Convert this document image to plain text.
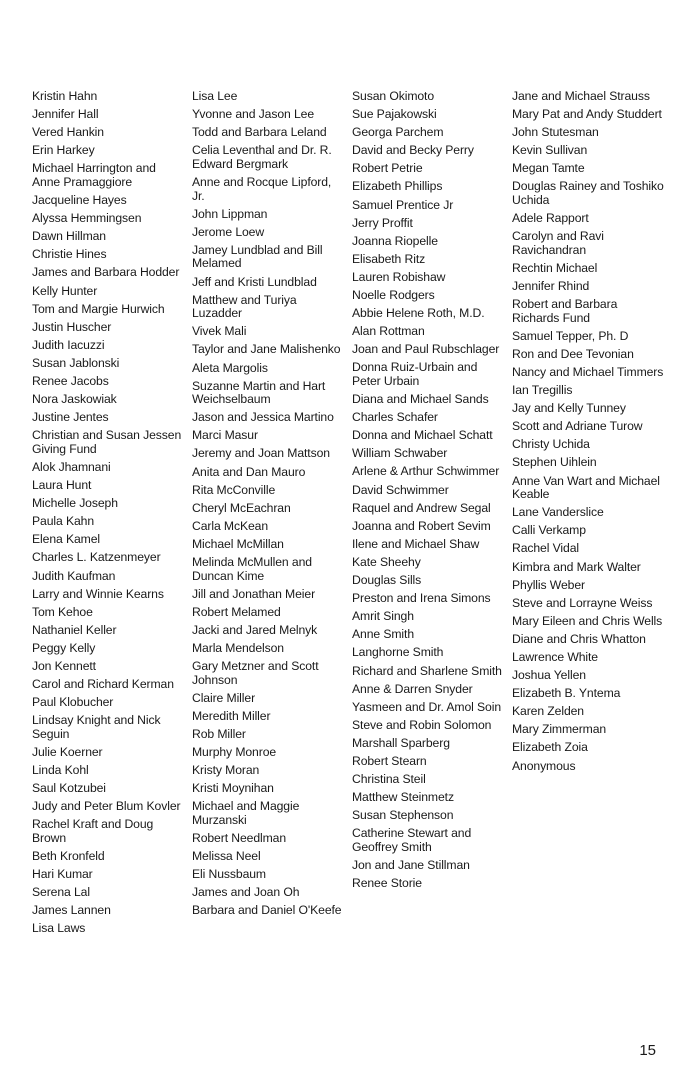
Kristin Hahn
Jennifer Hall
Vered Hankin
Erin Harkey
Michael Harrington and Anne Pramaggiore
Jacqueline Hayes
Alyssa Hemmingsen
Dawn Hillman
Christie Hines
James and Barbara Hodder
Kelly Hunter
Tom and Margie Hurwich
Justin Huscher
Judith Iacuzzi
Susan Jablonski
Renee Jacobs
Nora Jaskowiak
Justine Jentes
Christian and Susan Jessen Giving Fund
Alok Jhamnani
Laura Hunt
Michelle Joseph
Paula Kahn
Elena Kamel
Charles L. Katzenmeyer
Judith Kaufman
Larry and Winnie Kearns
Tom Kehoe
Nathaniel Keller
Peggy Kelly
Jon Kennett
Carol and Richard Kerman
Paul Klobucher
Lindsay Knight and Nick Seguin
Julie Koerner
Linda Kohl
Saul Kotzubei
Judy and Peter Blum Kovler
Rachel Kraft and Doug Brown
Beth Kronfeld
Hari Kumar
Serena Lal
James Lannen
Lisa Laws
Lisa Lee
Yvonne and Jason Lee
Todd and Barbara Leland
Celia Leventhal and Dr. R. Edward Bergmark
Anne and Rocque Lipford, Jr.
John Lippman
Jerome Loew
Jamey Lundblad and Bill Melamed
Jeff and Kristi Lundblad
Matthew and Turiya Luzadder
Vivek Mali
Taylor and Jane Malishenko
Aleta Margolis
Suzanne Martin and Hart Weichselbaum
Jason and Jessica Martino
Marci Masur
Jeremy and Joan Mattson
Anita and Dan Mauro
Rita McConville
Cheryl McEachran
Carla McKean
Michael McMillan
Melinda McMullen and Duncan Kime
Jill and Jonathan Meier
Robert Melamed
Jacki and Jared Melnyk
Marla Mendelson
Gary Metzner and Scott Johnson
Claire Miller
Meredith Miller
Rob Miller
Murphy Monroe
Kristy Moran
Kristi Moynihan
Michael and Maggie Murzanski
Robert Needlman
Melissa Neel
Eli Nussbaum
James and Joan Oh
Barbara and Daniel O'Keefe
Susan Okimoto
Sue Pajakowski
Georga Parchem
David and Becky Perry
Robert Petrie
Elizabeth Phillips
Samuel Prentice Jr
Jerry Proffit
Joanna Riopelle
Elisabeth Ritz
Lauren Robishaw
Noelle Rodgers
Abbie Helene Roth, M.D.
Alan Rottman
Joan and Paul Rubschlager
Donna Ruiz-Urbain and Peter Urbain
Diana and Michael Sands
Charles Schafer
Donna and Michael Schatt
William Schwaber
Arlene & Arthur Schwimmer
David Schwimmer
Raquel and Andrew Segal
Joanna and Robert Sevim
Ilene and Michael Shaw
Kate Sheehy
Douglas Sills
Preston and Irena Simons
Amrit Singh
Anne Smith
Langhorne Smith
Richard and Sharlene Smith
Anne & Darren Snyder
Yasmeen and Dr. Amol Soin
Steve and Robin Solomon
Marshall Sparberg
Robert Stearn
Christina Steil
Matthew Steinmetz
Susan Stephenson
Catherine Stewart and Geoffrey Smith
Jon and Jane Stillman
Renee Storie
Jane and Michael Strauss
Mary Pat and Andy Studdert
John Stutesman
Kevin Sullivan
Megan Tamte
Douglas Rainey and Toshiko Uchida
Adele Rapport
Carolyn and Ravi Ravichandran
Rechtin Michael
Jennifer Rhind
Robert and Barbara Richards Fund
Samuel Tepper, Ph. D
Ron and Dee Tevonian
Nancy and Michael Timmers
Ian Tregillis
Jay and Kelly Tunney
Scott and Adriane Turow
Christy Uchida
Stephen Uihlein
Anne Van Wart and Michael Keable
Lane Vanderslice
Calli Verkamp
Rachel Vidal
Kimbra and Mark Walter
Phyllis Weber
Steve and Lorrayne Weiss
Mary Eileen and Chris Wells
Diane and Chris Whatton
Lawrence White
Joshua Yellen
Elizabeth B. Yntema
Karen Zelden
Mary Zimmerman
Elizabeth Zoia
Anonymous
15
